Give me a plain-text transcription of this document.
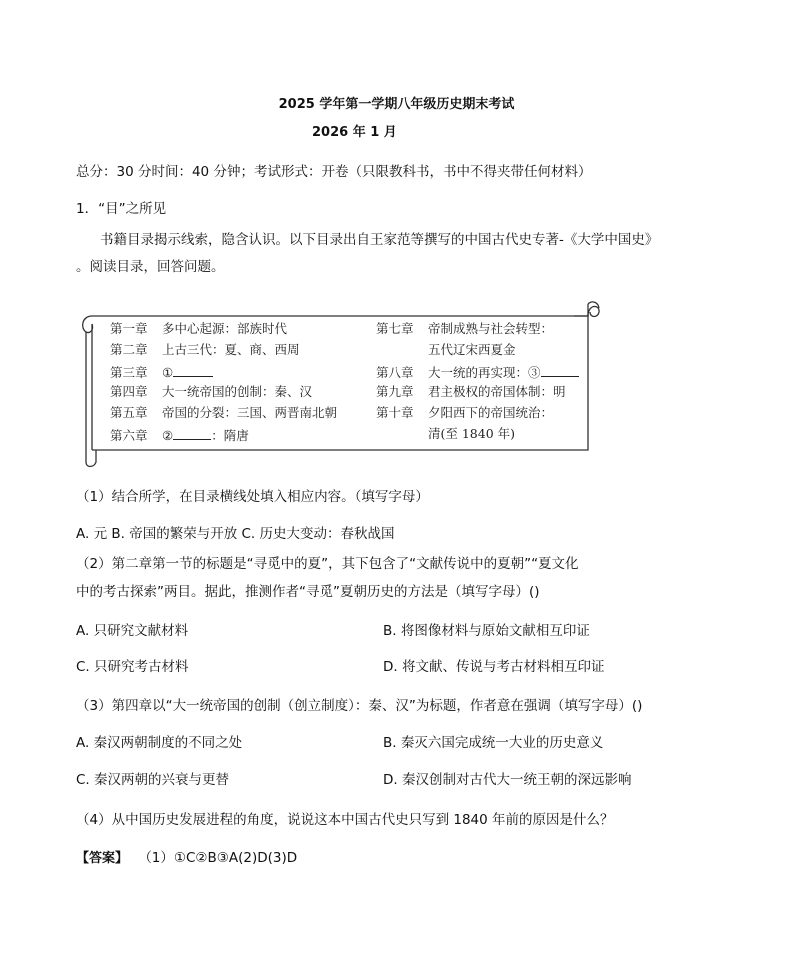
2025 学年第一学期八年级历史期末考试
2026 年 1 月
总分：30 分时间：40 分钟；考试形式：开卷（只限教科书，书中不得夹带任何材料）
1．“目”之所见
书籍目录揭示线索，隐含认识。以下目录出自王家范等撰写的中国古代史专著-《大学中国史》
。阅读目录，回答问题。
第一章 多中心起源：部族时代
第二章 上古三代：夏、商、西周
第三章 ①
第四章 大一统帝国的创制：秦、汉
第五章 帝国的分裂：三国、两晋南北朝
第六章 ②	：隋唐
第七章 帝制成熟与社会转型：
五代辽宋西夏金
第八章 大一统的再实现：③
第九章 君主极权的帝国体制：明
第十章 夕阳西下的帝国统治：
清(至 1840 年)
（1）结合所学，在目录横线处填入相应内容。（填写字母）
A. 元 B. 帝国的繁荣与开放 C. 历史大变动：春秋战国
（2）第二章第一节的标题是“寻觅中的夏”，其下包含了“文献传说中的夏朝”“夏文化
中的考古探索”两目。据此，推测作者“寻觅”夏朝历史的方法是（填写字母）()
A. 只研究文献材料	B. 将图像材料与原始文献相互印证
C. 只研究考古材料	D. 将文献、传说与考古材料相互印证
（3）第四章以“大一统帝国的创制（创立制度）：秦、汉”为标题，作者意在强调（填写字母）()
A. 秦汉两朝制度的不同之处	B. 秦灭六国完成统一大业的历史意义
C. 秦汉两朝的兴衰与更替	D. 秦汉创制对古代大一统王朝的深远影响
（4）从中国历史发展进程的角度，说说这本中国古代史只写到 1840 年前的原因是什么？
【答案】 （1）①C②B③A(2)D(3)D
